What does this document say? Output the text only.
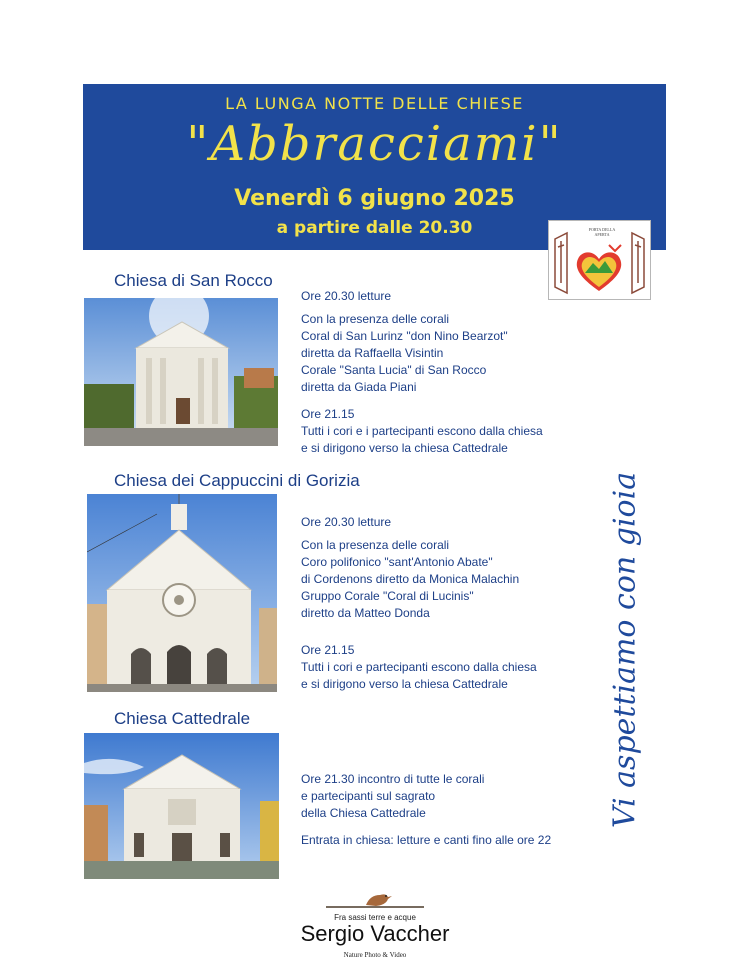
LA LUNGA NOTTE DELLE CHIESE
"Abbracciami"
Venerdì 6 giugno 2025
a partire dalle 20.30	PORTA DELLA APERTA
Chiesa di San Rocco

Ore 20.30 letture

Con la presenza delle corali

Coral di San Lurinz "don Nino Bearzot"

diretta da Raffaella Visintin

Corale "Santa Lucia" di San Rocco

diretta da Giada Piani

Ore 21.15

Tutti i cori e i partecipanti escono dalla chiesa

e si dirigono verso la chiesa Cattedrale

Chiesa dei Cappuccini di Gorizia

Ore 20.30 letture

Con la presenza delle corali

Coro polifonico "sant'Antonio Abate"

di Cordenons diretto da Monica Malachin

Gruppo Corale "Coral di Lucinis"

diretto da Matteo Donda

Ore 21.15

Tutti i cori e partecipanti escono dalla chiesa

e si dirigono verso la chiesa Cattedrale

Chiesa Cattedrale

Ore 21.30 incontro di tutte le corali

e partecipanti sul sagrato

della Chiesa Cattedrale

Entrata in chiesa: letture e canti fino alle ore 22

Vi aspettiamo con gioia
Fra sassi terre e acque
Sergio Vaccher
Nature Photo & Video
